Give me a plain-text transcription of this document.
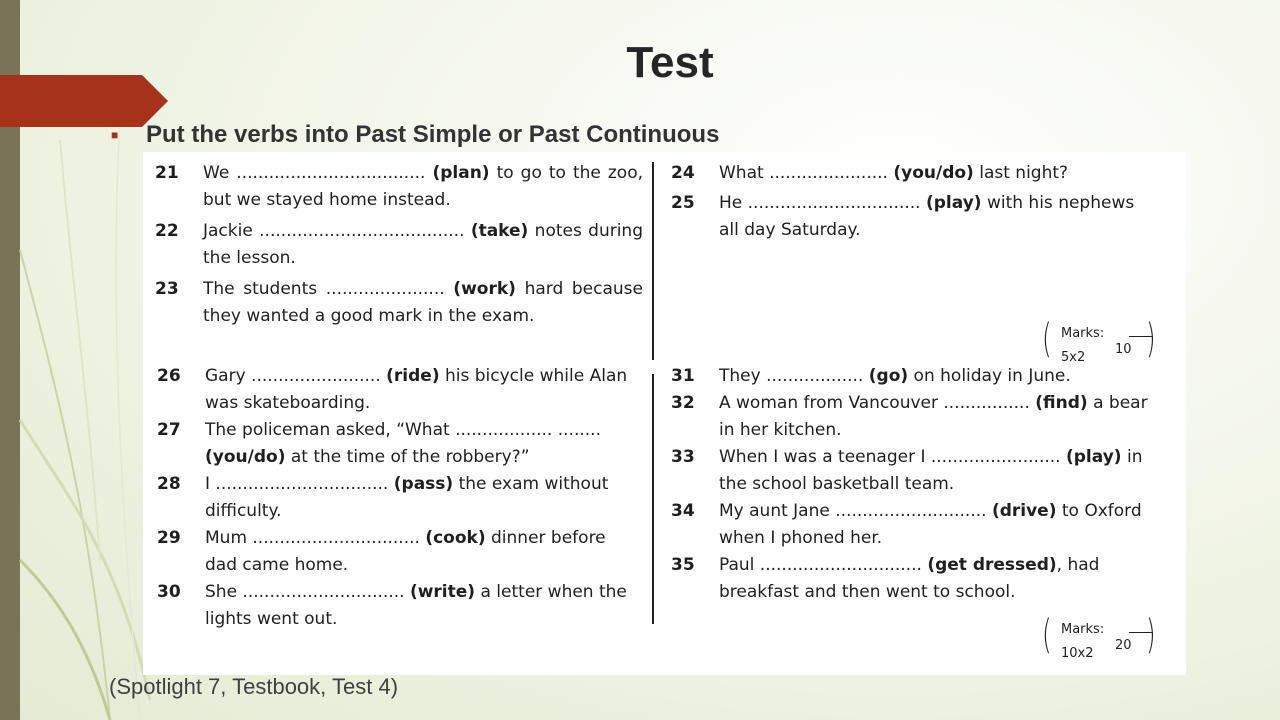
Test
■ Put the verbs into Past Simple or Past Continuous
21	We ................................... (plan) to go to the zoo, but we stayed home instead.
22	Jackie ...................................... (take) notes during the lesson.
23	The students ...................... (work) hard because they wanted a good mark in the exam.
24	What ...................... (you/do) last night?
25	He ................................ (play) with his nephews all day Saturday.
( Marks:
10
5x2 )
26	Gary ........................ (ride) his bicycle while Alan was skateboarding.
27	The policeman asked, “What .................. ........ (you/do) at the time of the robbery?”
28	I ................................ (pass) the exam without difficulty.
29	Mum ............................... (cook) dinner before dad came home.
30	She .............................. (write) a letter when the lights went out.
31	They .................. (go) on holiday in June.
32	A woman from Vancouver ................ (find) a bear in her kitchen.
33	When I was a teenager I ........................ (play) in the school basketball team.
34	My aunt Jane ............................ (drive) to Oxford when I phoned her.
35	Paul .............................. (get dressed), had breakfast and then went to school.
( Marks:
20
10x2 )
(Spotlight 7, Testbook, Test 4)
